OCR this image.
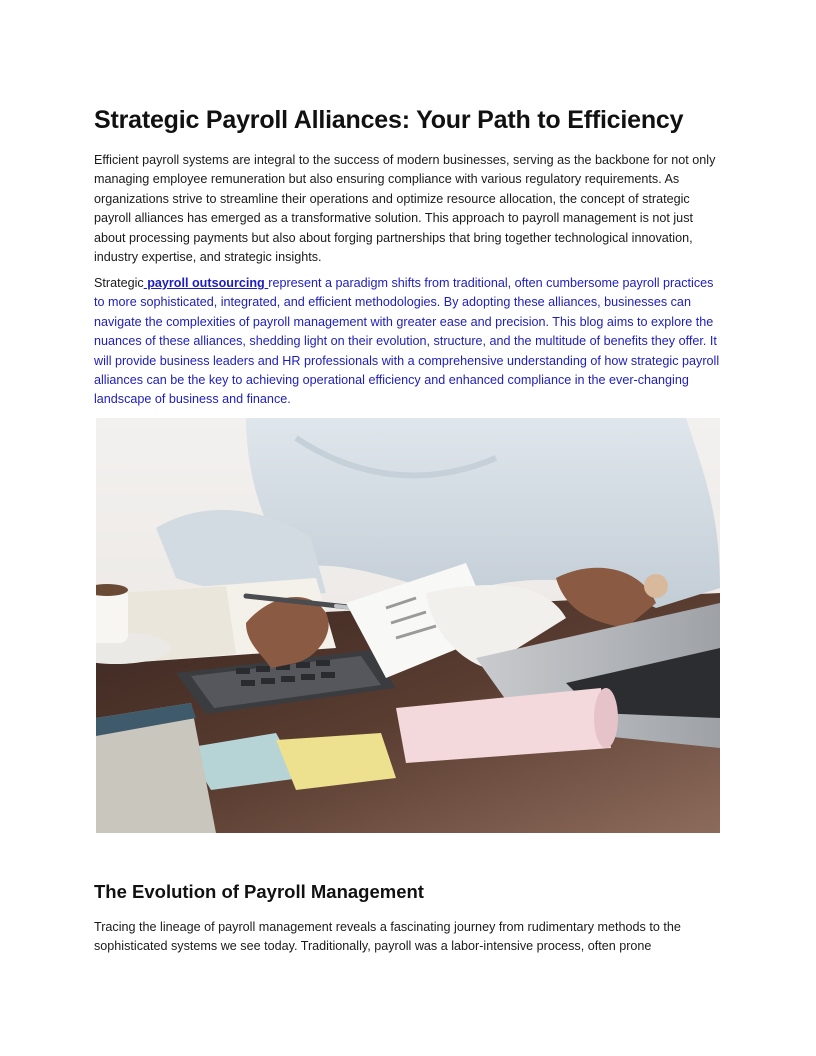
Strategic Payroll Alliances: Your Path to Efficiency

Efficient payroll systems are integral to the success of modern businesses, serving as the backbone for not only managing employee remuneration but also ensuring compliance with various regulatory requirements. As organizations strive to streamline their operations and optimize resource allocation, the concept of strategic payroll alliances has emerged as a transformative solution. This approach to payroll management is not just about processing payments but also about forging partnerships that bring together technological innovation, industry expertise, and strategic insights.

Strategic payroll outsourcing represent a paradigm shifts from traditional, often cumbersome payroll practices to more sophisticated, integrated, and efficient methodologies. By adopting these alliances, businesses can navigate the complexities of payroll management with greater ease and precision. This blog aims to explore the nuances of these alliances, shedding light on their evolution, structure, and the multitude of benefits they offer. It will provide business leaders and HR professionals with a comprehensive understanding of how strategic payroll alliances can be the key to achieving operational efficiency and enhanced compliance in the ever-changing landscape of business and finance.

The Evolution of Payroll Management

Tracing the lineage of payroll management reveals a fascinating journey from rudimentary methods to the sophisticated systems we see today. Traditionally, payroll was a labor-intensive process, often prone
